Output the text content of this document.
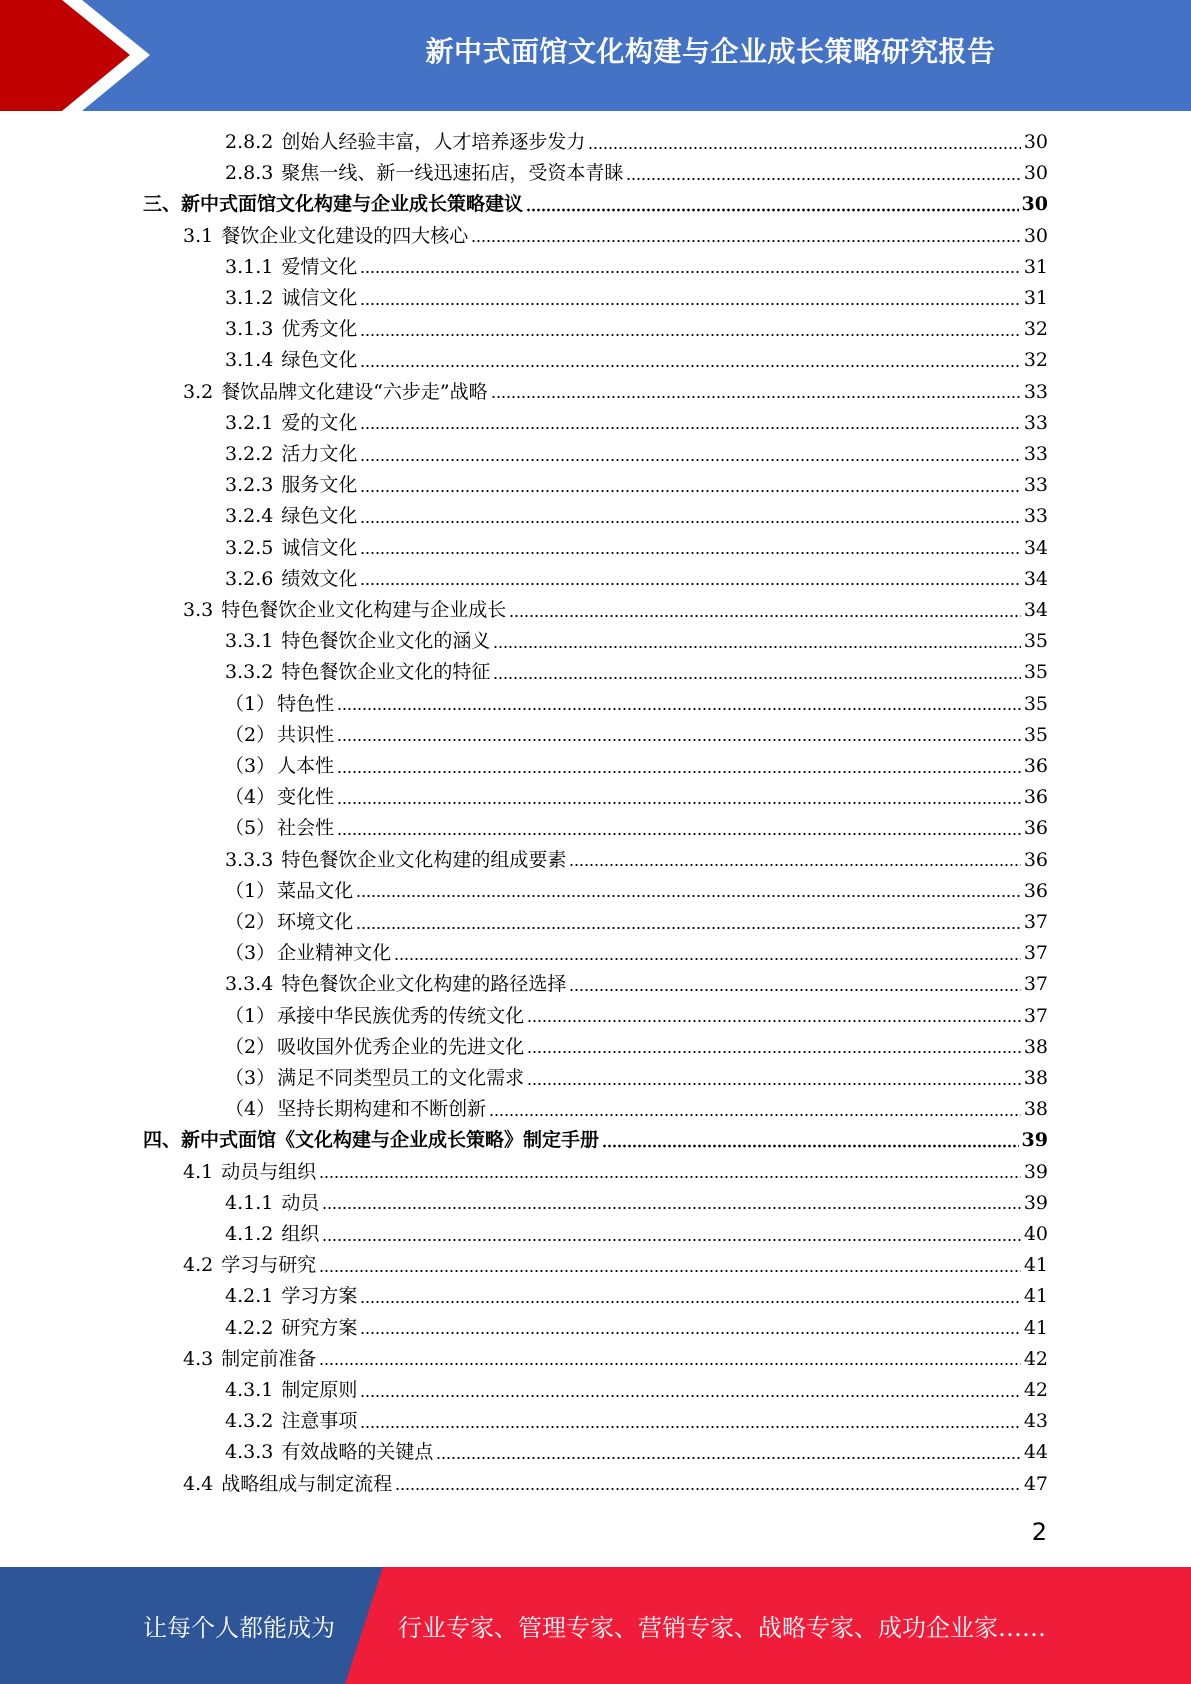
新中式面馆文化构建与企业成长策略研究报告
2.8.2 创始人经验丰富，人才培养逐步发力	30
2.8.3 聚焦一线、新一线迅速拓店，受资本青睐	30
三、新中式面馆文化构建与企业成长策略建议	30
3.1 餐饮企业文化建设的四大核心	30
3.1.1 爱情文化	31
3.1.2 诚信文化	31
3.1.3 优秀文化	32
3.1.4 绿色文化	32
3.2 餐饮品牌文化建设“六步走”战略	33
3.2.1 爱的文化	33
3.2.2 活力文化	33
3.2.3 服务文化	33
3.2.4 绿色文化	33
3.2.5 诚信文化	34
3.2.6 绩效文化	34
3.3 特色餐饮企业文化构建与企业成长	34
3.3.1 特色餐饮企业文化的涵义	35
3.3.2 特色餐饮企业文化的特征	35
（1） 特色性	35
（2） 共识性	35
（3） 人本性	36
（4） 变化性	36
（5） 社会性	36
3.3.3 特色餐饮企业文化构建的组成要素	36
（1） 菜品文化	36
（2） 环境文化	37
（3） 企业精神文化	37
3.3.4 特色餐饮企业文化构建的路径选择	37
（1） 承接中华民族优秀的传统文化	37
（2） 吸收国外优秀企业的先进文化	38
（3） 满足不同类型员工的文化需求	38
（4） 坚持长期构建和不断创新	38
四、新中式面馆《文化构建与企业成长策略》制定手册	39
4.1 动员与组织	39
4.1.1 动员	39
4.1.2 组织	40
4.2 学习与研究	41
4.2.1 学习方案	41
4.2.2 研究方案	41
4.3 制定前准备	42
4.3.1 制定原则	42
4.3.2 注意事项	43
4.3.3 有效战略的关键点	44
4.4 战略组成与制定流程	47
2
让每个人都能成为	行业专家、管理专家、营销专家、战略专家、成功企业家……
